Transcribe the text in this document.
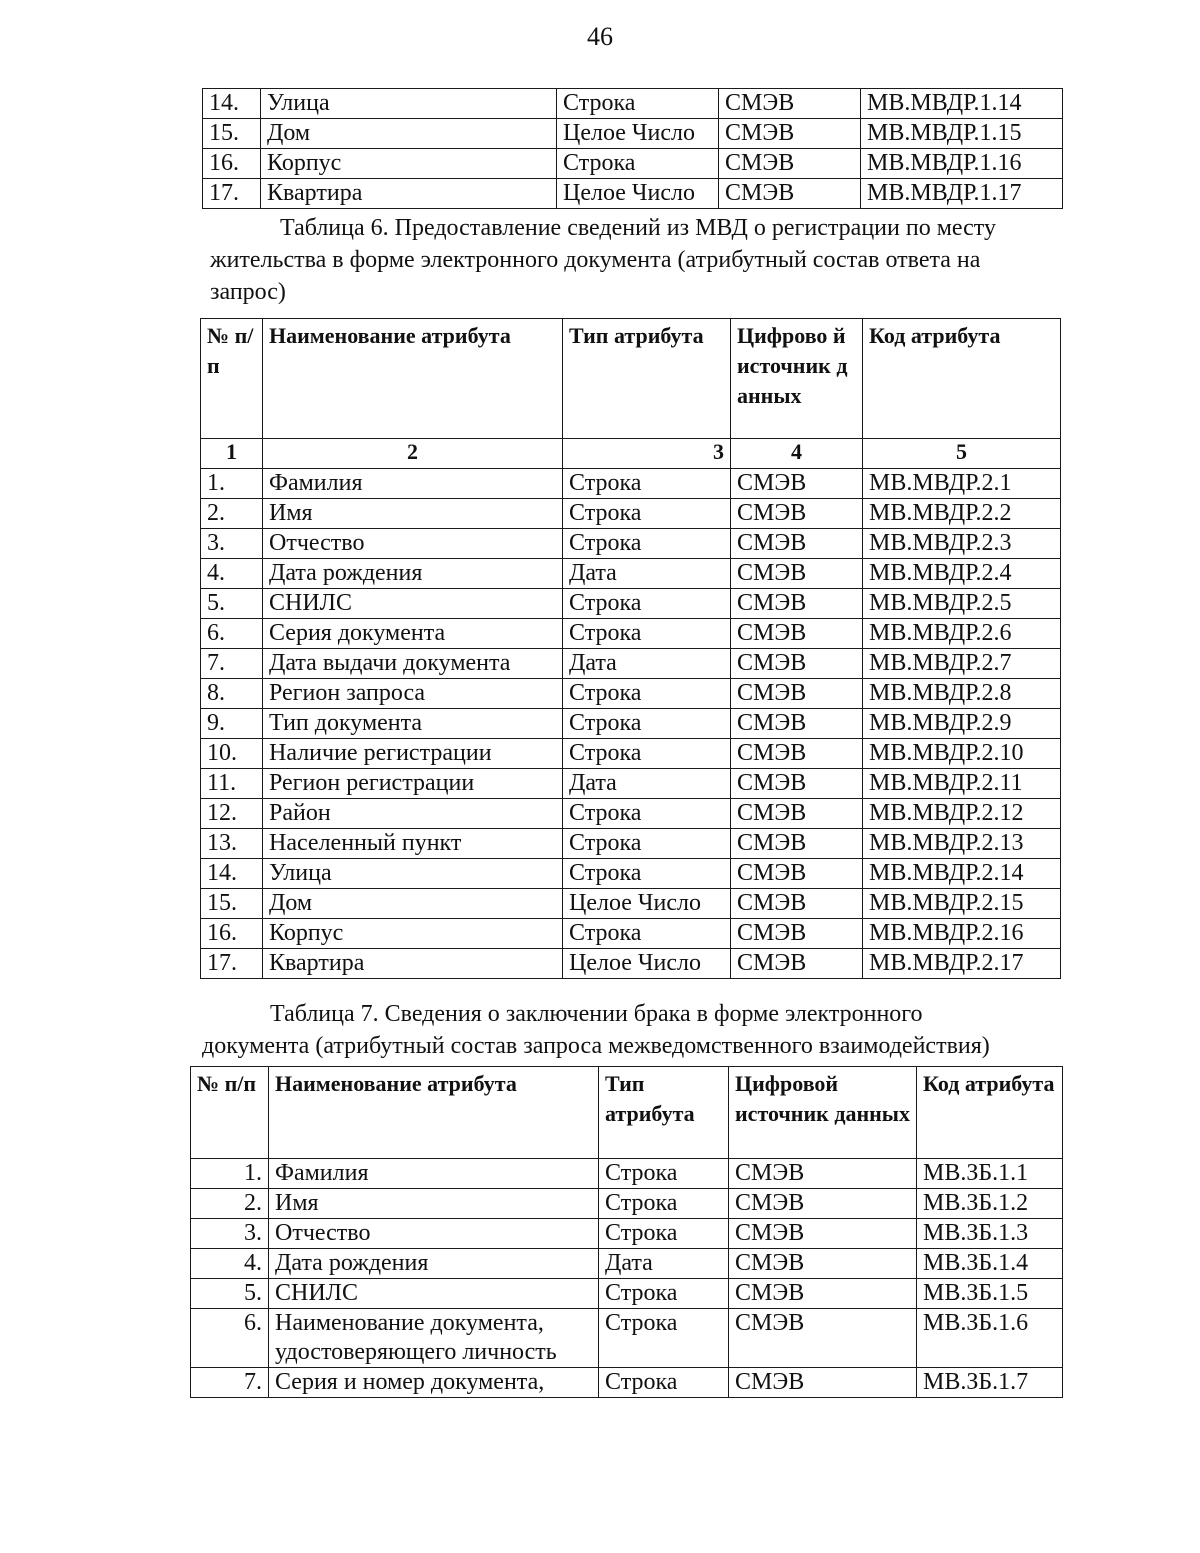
46
14.	Улица	Строка	СМЭВ	МВ.МВДР.1.14
15.	Дом	Целое Число	СМЭВ	МВ.МВДР.1.15
16.	Корпус	Строка	СМЭВ	МВ.МВДР.1.16
17.	Квартира	Целое Число	СМЭВ	МВ.МВДР.1.17
Таблица 6. Предоставление сведений из МВД о регистрации по месту
жительства в форме электронного документа (атрибутный состав ответа на
запрос)
№ п/п	Наименование атрибута	Тип атрибута	Цифрово й источник данных	Код атрибута
1	2	3	4	5
1.	Фамилия	Строка	СМЭВ	МВ.МВДР.2.1
2.	Имя	Строка	СМЭВ	МВ.МВДР.2.2
3.	Отчество	Строка	СМЭВ	МВ.МВДР.2.3
4.	Дата рождения	Дата	СМЭВ	МВ.МВДР.2.4
5.	СНИЛС	Строка	СМЭВ	МВ.МВДР.2.5
6.	Серия документа	Строка	СМЭВ	МВ.МВДР.2.6
7.	Дата выдачи документа	Дата	СМЭВ	МВ.МВДР.2.7
8.	Регион запроса	Строка	СМЭВ	МВ.МВДР.2.8
9.	Тип документа	Строка	СМЭВ	МВ.МВДР.2.9
10.	Наличие регистрации	Строка	СМЭВ	МВ.МВДР.2.10
11.	Регион регистрации	Дата	СМЭВ	МВ.МВДР.2.11
12.	Район	Строка	СМЭВ	МВ.МВДР.2.12
13.	Населенный пункт	Строка	СМЭВ	МВ.МВДР.2.13
14.	Улица	Строка	СМЭВ	МВ.МВДР.2.14
15.	Дом	Целое Число	СМЭВ	МВ.МВДР.2.15
16.	Корпус	Строка	СМЭВ	МВ.МВДР.2.16
17.	Квартира	Целое Число	СМЭВ	МВ.МВДР.2.17
Таблица 7. Сведения о заключении брака в форме электронного
документа (атрибутный состав запроса межведомственного взаимодействия)
№ п/п	Наименование атрибута	Тип атрибута	Цифровой источник данных	Код атрибута
1.	Фамилия	Строка	СМЭВ	МВ.ЗБ.1.1
2.	Имя	Строка	СМЭВ	МВ.ЗБ.1.2
3.	Отчество	Строка	СМЭВ	МВ.ЗБ.1.3
4.	Дата рождения	Дата	СМЭВ	МВ.ЗБ.1.4
5.	СНИЛС	Строка	СМЭВ	МВ.ЗБ.1.5
6.	Наименование документа, удостоверяющего личность	Строка	СМЭВ	МВ.ЗБ.1.6
7.	Серия и номер документа,	Строка	СМЭВ	МВ.ЗБ.1.7
